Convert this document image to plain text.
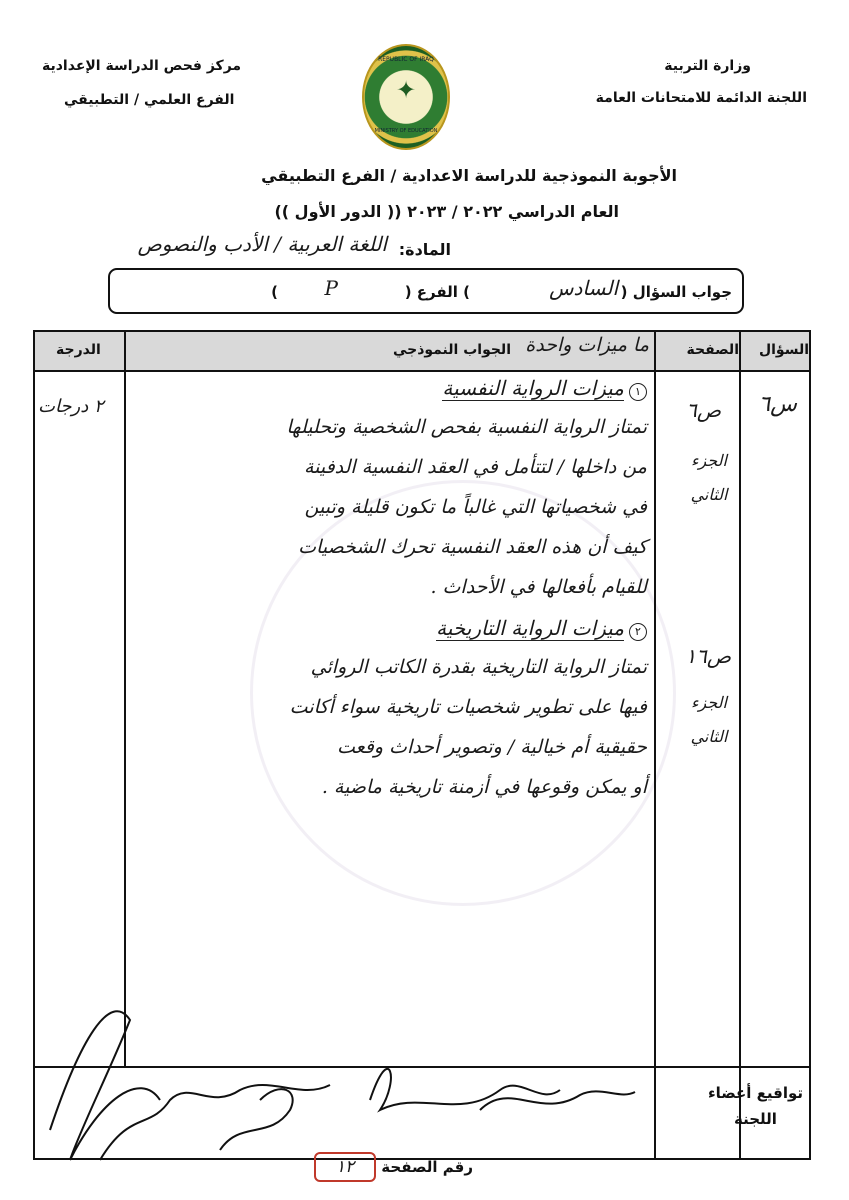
وزارة التربية
اللجنة الدائمة للامتحانات العامة
مركز فحص الدراسة الإعدادية
الفرع العلمي / التطبيقي
REPUBLIC OF IRAQ
✦
MINISTRY OF EDUCATION
الأجوبة النموذجية للدراسة الاعدادية / الفرع التطبيقي
العام الدراسي ٢٠٢٢ / ٢٠٢٣ (( الدور الأول ))
المادة:
اللغة العربية / الأدب والنصوص
جواب السؤال (
السادس
) الفرع (
P
)
السؤال
الصفحة
الجواب النموذجي ما ميزات واحدة
الدرجة
س٦
٢ درجات	ص٦
الجزء الثاني
ص١٦
الجزء الثاني
١ ميزات الرواية النفسية
تمتاز الرواية النفسية بفحص الشخصية وتحليلها
من داخلها / لتتأمل في العقد النفسية الدفينة
في شخصياتها التي غالباً ما تكون قليلة وتبين
كيف أن هذه العقد النفسية تحرك الشخصيات
للقيام بأفعالها في الأحداث .
٢ ميزات الرواية التاريخية
تمتاز الرواية التاريخية بقدرة الكاتب الروائي
فيها على تطوير شخصيات تاريخية سواء أكانت
حقيقية أم خيالية / وتصوير أحداث وقعت
أو يمكن وقوعها في أزمنة تاريخية ماضية .
تواقيع أعضاء
اللجنة
رقم الصفحة
١٢
